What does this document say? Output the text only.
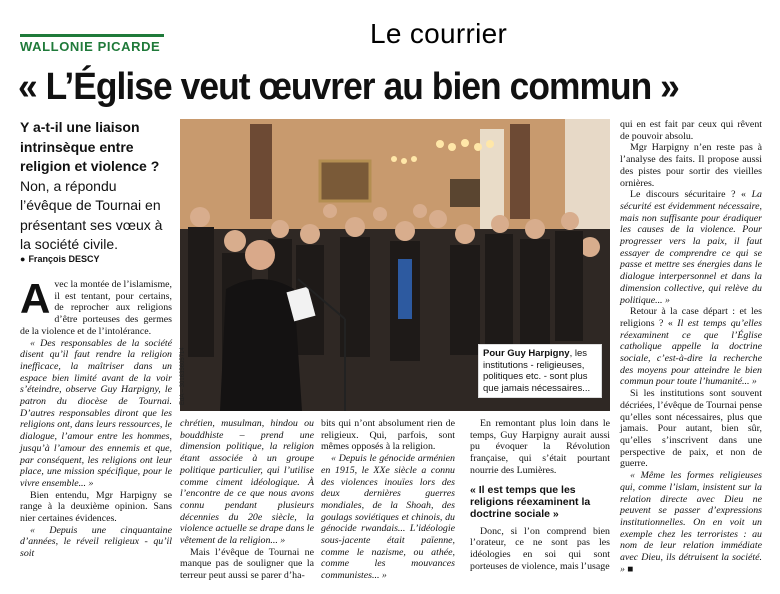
WALLONIE PICARDE	Le courrier
« L’Église veut œuvrer au bien commun »
Y a-t-il une liaison intrinsèque entre religion et violence ? Non, a répondu l’évêque de Tournai en présentant ses vœux à la société civile.
● François DESCY

Avec la montée de l’islamisme, il est tentant, pour certains, de reprocher aux religions d’être porteuses des germes de la violence et de l’intolérance.

« Des responsables de la société disent qu’il faut rendre la religion inefficace, la maîtriser dans un espace bien limité avant de la voir s’éteindre, observe Guy Harpigny, le patron du diocèse de Tournai. D’autres responsables diront que les religions ont, dans leurs ressources, le dialogue, l’amour entre les hommes, jusqu’à l’amour des ennemis et que, par conséquent, les religions ont leur place, une mission spécifique, pour le vivre ensemble... »

Bien entendu, Mgr Harpigny se range à la deuxième opinion. Sans nier certaines évidences.

« Depuis une cinquantaine d’années, le réveil religieux - qu’il soit

ÉdA – 301635605714	Pour Guy Harpigny, les institutions - religieuses, politiques etc. - sont plus que jamais nécessaires...

chrétien, musulman, hindou ou bouddhiste – prend une dimension politique, la religion étant associée à un groupe politique particulier, qui l’utilise comme ciment idéologique. À l’encontre de ce que nous avons connu pendant plusieurs décennies du 20e siècle, la violence actuelle se drape dans le vêtement de la religion... »

Mais l’évêque de Tournai ne manque pas de souligner que la terreur peut aussi se parer d’ha-

bits qui n’ont absolument rien de religieux. Qui, parfois, sont mêmes opposés à la religion.

« Depuis le génocide arménien en 1915, le XXe siècle a connu des violences inouïes lors des deux dernières guerres mondiales, de la Shoah, des goulags soviétiques et chinois, du génocide rwandais... L’idéologie sous-jacente était païenne, comme le nazisme, ou athée, comme les mouvances communistes... »

En remontant plus loin dans le temps, Guy Harpigny aurait aussi pu évoquer la Révolution française, qui s’était pourtant nourrie des Lumières.

« Il est temps que les religions réexaminent la doctrine sociale »

Donc, si l’on comprend bien l’orateur, ce ne sont pas les idéologies en soi qui sont porteuses de violence, mais l’usage

qui en est fait par ceux qui rêvent de pouvoir absolu.

Mgr Harpigny n’en reste pas à l’analyse des faits. Il propose aussi des pistes pour sortir des vieilles ornières.

Le discours sécuritaire ? « La sécurité est évidemment nécessaire, mais non suffisante pour éradiquer les causes de la violence. Pour progresser vers la paix, il faut essayer de comprendre ce qui se passe et mettre ses énergies dans le dialogue interpersonnel et dans la dimension collective, qui relève du politique... »

Retour à la case départ : et les religions ? « Il est temps qu’elles réexaminent ce que l’Église catholique appelle la doctrine sociale, c’est-à-dire la recherche des moyens pour atteindre le bien commun pour toute l’humanité... »

Si les institutions sont souvent décriées, l’évêque de Tournai pense qu’elles sont nécessaires, plus que jamais. Pour autant, bien sûr, qu’elles s’inscrivent dans une perspective de paix, et non de guerre.

« Même les formes religieuses qui, comme l’islam, insistent sur la relation directe avec Dieu ne peuvent se passer d’expressions institutionnelles. On en voit un exemple chez les terroristes : au nom de leur relation immédiate avec Dieu, ils détruisent la société. » ■
